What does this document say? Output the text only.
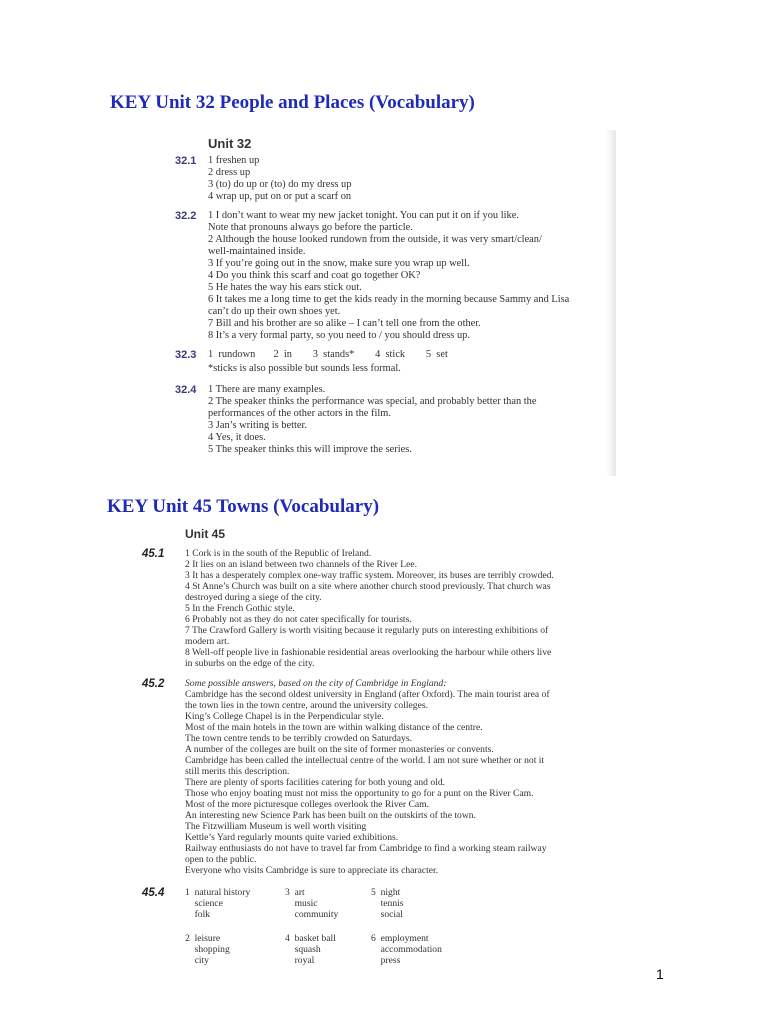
KEY Unit 32 People and Places (Vocabulary)
Unit 32
32.1 1 freshen up
2 dress up
3 (to) do up or (to) do my dress up
4 wrap up, put on or put a scarf on
32.2 1 I don’t want to wear my new jacket tonight. You can put it on if you like.
Note that pronouns always go before the particle.
2 Although the house looked rundown from the outside, it was very smart/clean/
well-maintained inside.
3 If you’re going out in the snow, make sure you wrap up well.
4 Do you think this scarf and coat go together OK?
5 He hates the way his ears stick out.
6 It takes me a long time to get the kids ready in the morning because Sammy and Lisa
can’t do up their own shoes yet.
7 Bill and his brother are so alike – I can’t tell one from the other.
8 It’s a very formal party, so you need to / you should dress up.
32.3 1  rundown       2  in        3  stands*        4  stick        5  set
*sticks is also possible but sounds less formal.
32.4 1 There are many examples.
2 The speaker thinks the performance was special, and probably better than the
performances of the other actors in the film.
3 Jan’s writing is better.
4 Yes, it does.
5 The speaker thinks this will improve the series.
KEY Unit 45 Towns (Vocabulary)
Unit 45
45.1 1 Cork is in the south of the Republic of Ireland.
2 It lies on an island between two channels of the River Lee.
3 It has a desperately complex one-way traffic system. Moreover, its buses are terribly crowded.
4 St Anne’s Church was built on a site where another church stood previously. That church was
destroyed during a siege of the city.
5 In the French Gothic style.
6 Probably not as they do not cater specifically for tourists.
7 The Crawford Gallery is worth visiting because it regularly puts on interesting exhibitions of
modern art.
8 Well-off people live in fashionable residential areas overlooking the harbour while others live
in suburbs on the edge of the city.
45.2 Some possible answers, based on the city of Cambridge in England:
Cambridge has the second oldest university in England (after Oxford). The main tourist area of
the town lies in the town centre, around the university colleges.
King’s College Chapel is in the Perpendicular style.
Most of the main hotels in the town are within walking distance of the centre.
The town centre tends to be terribly crowded on Saturdays.
A number of the colleges are built on the site of former monasteries or convents.
Cambridge has been called the intellectual centre of the world. I am not sure whether or not it
still merits this description.
There are plenty of sports facilities catering for both young and old.
Those who enjoy boating must not miss the opportunity to go for a punt on the River Cam.
Most of the more picturesque colleges overlook the River Cam.
An interesting new Science Park has been built on the outskirts of the town.
The Fitzwilliam Museum is well worth visiting
Kettle’s Yard regularly mounts quite varied exhibitions.
Railway enthusiasts do not have to travel far from Cambridge to find a working steam railway
open to the public.
Everyone who visits Cambridge is sure to appreciate its character.
45.4 1  natural history
science
folk
3  art
music
community
5  night
tennis
social
2  leisure
shopping
city
4  basket ball
squash
royal
6  employment
accommodation
press
1
